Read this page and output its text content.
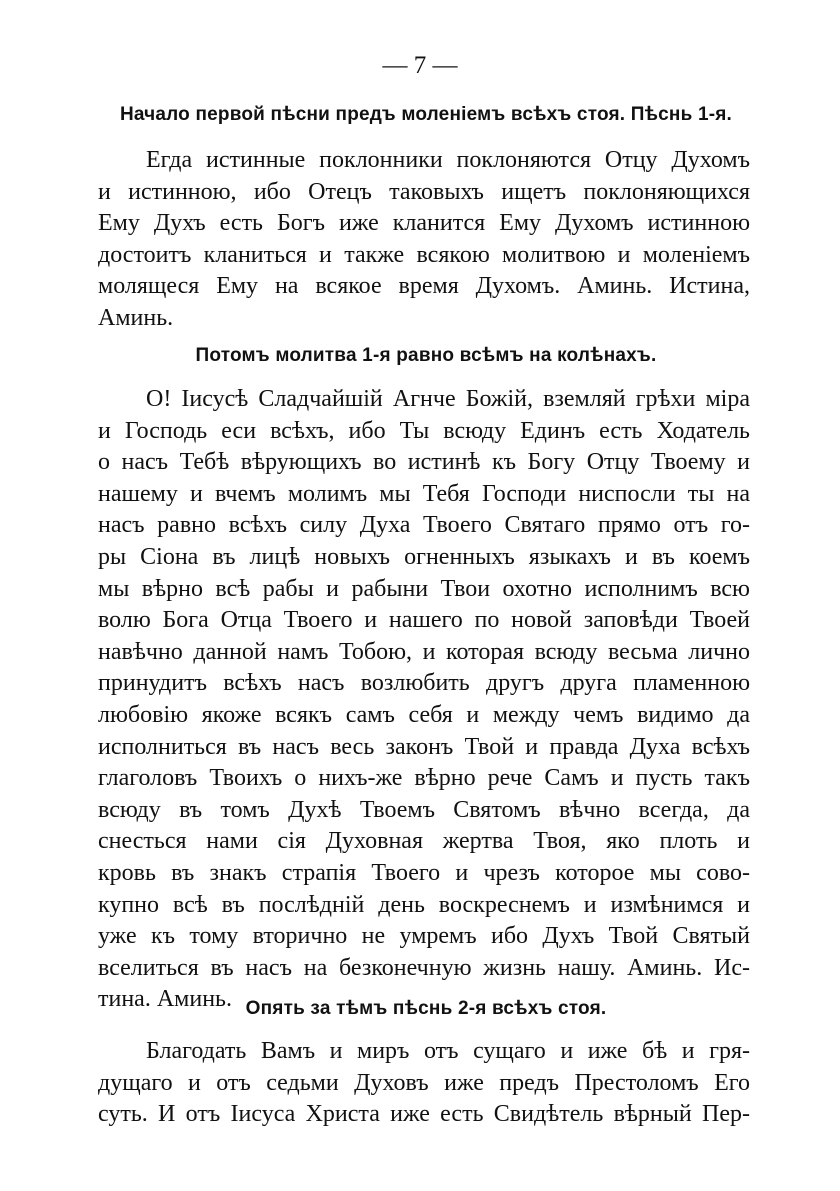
— 7 —
Начало первой пѣсни предъ моленіемъ всѣхъ стоя. Пѣснь 1-я.
Егда истинные поклонники поклоняются Отцу Духомъ
и истинною, ибо Отецъ таковыхъ ищетъ поклоняющихся
Ему Духъ есть Богъ иже кланится Ему Духомъ истинною
достоитъ кланиться и также всякою молитвою и моленіемъ
молящеся Ему на всякое время Духомъ. Аминь. Истина,
Аминь.
Потомъ молитва 1-я равно всѣмъ на колѣнахъ.
О! Іисусѣ Сладчайшій Агнче Божій, вземляй грѣхи міра
и Господь еси всѣхъ, ибо Ты всюду Единъ есть Ходатель
о насъ Тебѣ вѣрующихъ во истинѣ къ Богу Отцу Твоему и
нашему и вчемъ молимъ мы Тебя Господи ниспосли ты на
насъ равно всѣхъ силу Духа Твоего Святаго прямо отъ го-
ры Сіона въ лицѣ новыхъ огненныхъ языкахъ и въ коемъ
мы вѣрно всѣ рабы и рабыни Твои охотно исполнимъ всю
волю Бога Отца Твоего и нашего по новой заповѣди Твоей
навѣчно данной намъ Тобою, и которая всюду весьма лично
принудитъ всѣхъ насъ возлюбить другъ друга пламенною
любовію якоже всякъ самъ себя и между чемъ видимо да
исполниться въ насъ весь законъ Твой и правда Духа всѣхъ
глаголовъ Твоихъ о нихъ-же вѣрно рече Самъ и пусть такъ
всюду въ томъ Духѣ Твоемъ Святомъ вѣчно всегда, да
снесться нами сія Духовная жертва Твоя, яко плоть и
кровь въ знакъ страпія Твоего и чрезъ которое мы сово-
купно всѣ въ послѣдній день воскреснемъ и измѣнимся и
уже къ тому вторично не умремъ ибо Духъ Твой Святый
вселиться въ насъ на безконечную жизнь нашу. Аминь. Ис-
тина. Аминь. Опять за тѣмъ пѣснь 2-я всѣхъ стоя.
Благодать Вамъ и миръ отъ сущаго и иже бѣ и гря-
дущаго и отъ седьми Духовъ иже предъ Престоломъ Его
суть. И отъ Іисуса Христа иже есть Свидѣтель вѣрный Пер-
